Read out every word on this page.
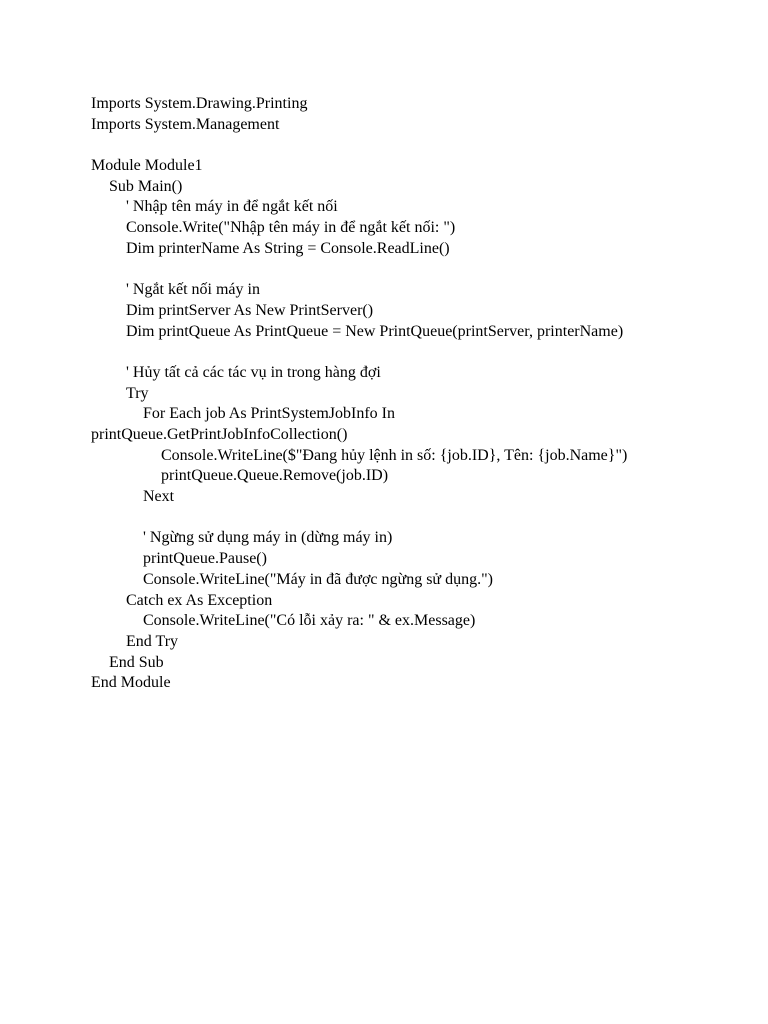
Imports System.Drawing.Printing
Imports System.Management
Module Module1
Sub Main()
' Nhập tên máy in để ngắt kết nối
Console.Write("Nhập tên máy in để ngắt kết nối: ")
Dim printerName As String = Console.ReadLine()
' Ngắt kết nối máy in
Dim printServer As New PrintServer()
Dim printQueue As PrintQueue = New PrintQueue(printServer, printerName)
' Hủy tất cả các tác vụ in trong hàng đợi
Try
For Each job As PrintSystemJobInfo In
printQueue.GetPrintJobInfoCollection()
Console.WriteLine($"Đang hủy lệnh in số: {job.ID}, Tên: {job.Name}")
printQueue.Queue.Remove(job.ID)
Next
' Ngừng sử dụng máy in (dừng máy in)
printQueue.Pause()
Console.WriteLine("Máy in đã được ngừng sử dụng.")
Catch ex As Exception
Console.WriteLine("Có lỗi xảy ra: " & ex.Message)
End Try
End Sub
End Module
